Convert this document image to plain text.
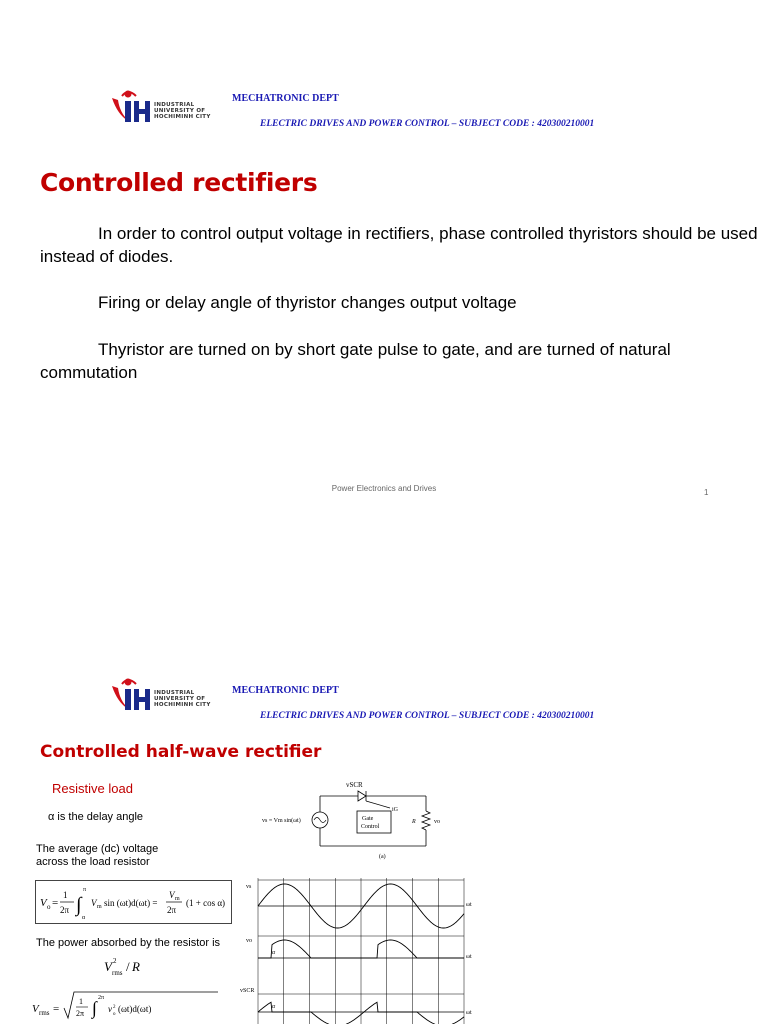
INDUSTRIAL
UNIVERSITY OF
HOCHIMINH CITY
MECHATRONIC DEPT
ELECTRIC DRIVES AND POWER CONTROL – SUBJECT CODE : 420300210001
Controlled rectifiers
In order to control output voltage in rectifiers, phase controlled thyristors should be used instead of diodes.
Firing or delay angle of thyristor changes output voltage
Thyristor are turned on by short gate pulse to gate, and are turned of natural commutation
Power Electronics and Drives	1
INDUSTRIAL
UNIVERSITY OF
HOCHIMINH CITY
MECHATRONIC DEPT
ELECTRIC DRIVES AND POWER CONTROL – SUBJECT CODE : 420300210001
Controlled half-wave rectifier
Resistive load
α is the delay angle
The average (dc) voltage
across the load resistor
V o =
1
2π ∫
π
α
V m sin (ωt)d(ωt) =
V m
2π
(1 + cos α)
The power absorbed by the resistor is
V 2
rms / R
V rms =
1
2π ∫ 2π
v 2
o
(ωt)d(ωt)
vSCR
iG
vs = Vm sin(ωt)	Gate
Control
R	vo
(a)
vs
vo
vSCR
ωt
ωt
ωt
α
α
